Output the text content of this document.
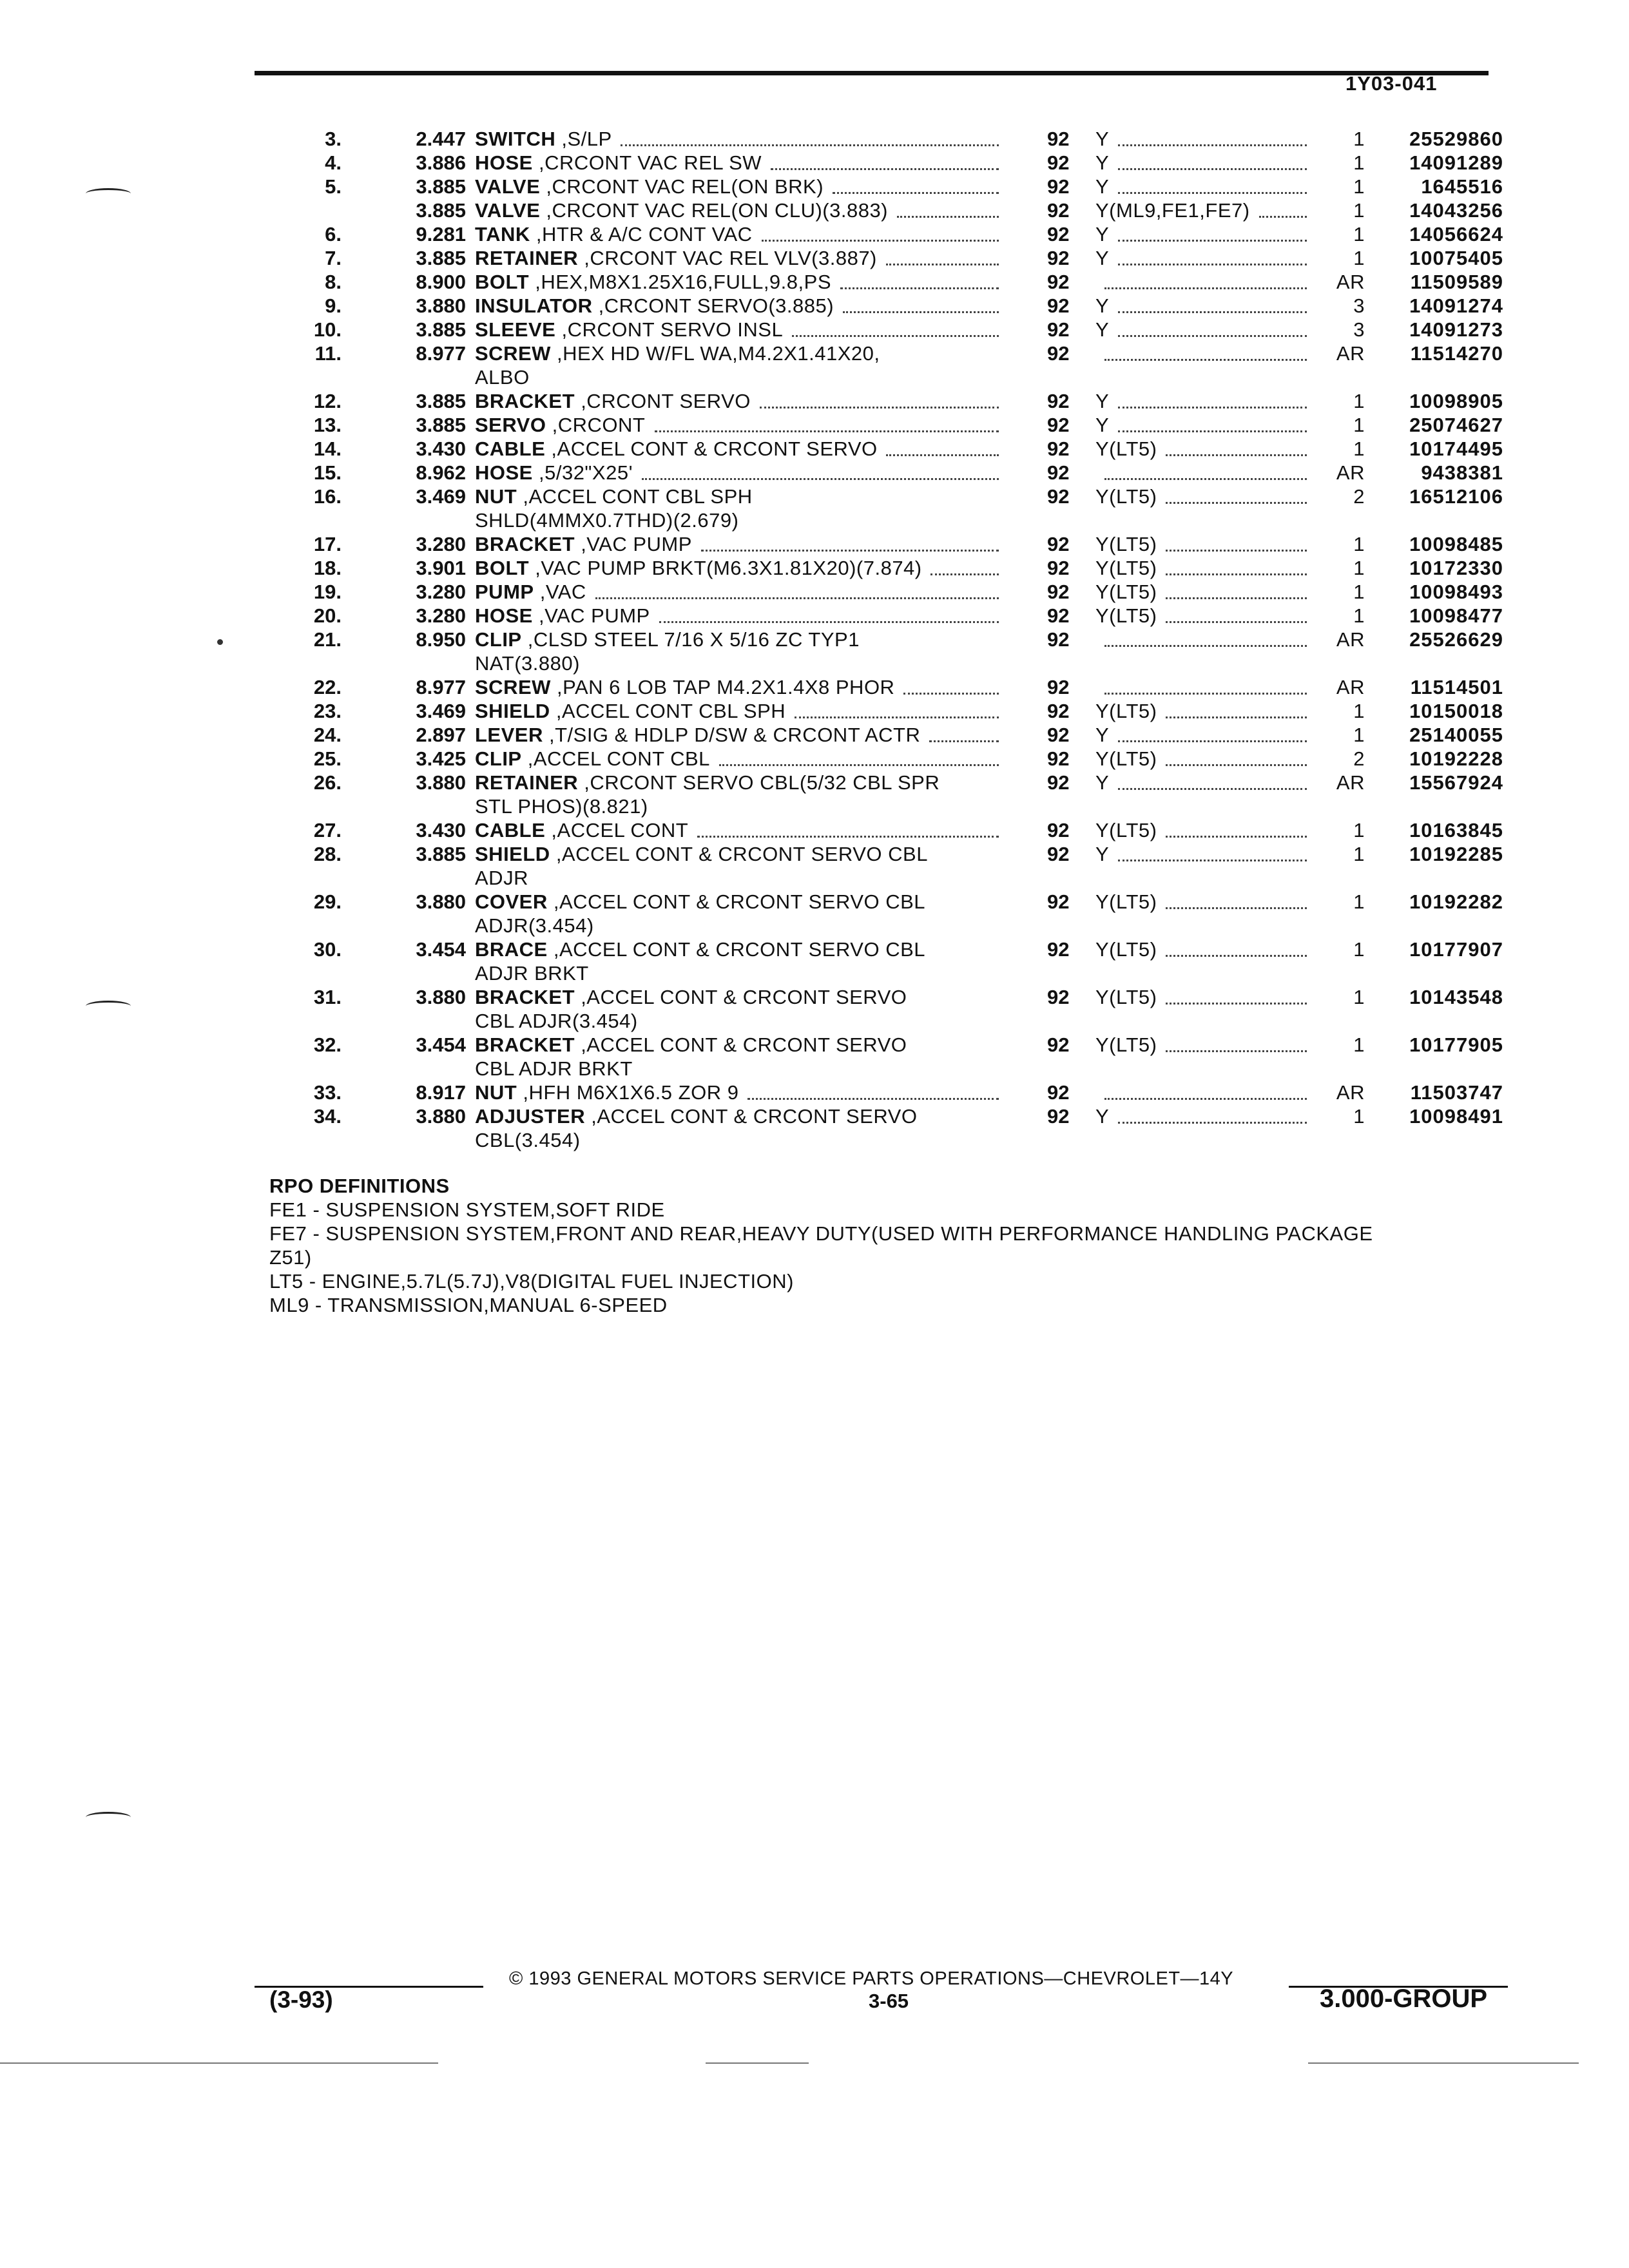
1Y03-041
3.	2.447 SWITCH ,S/LP	92 Y	1 25529860
4.	3.886 HOSE ,CRCONT VAC REL SW	92 Y	1 14091289
5.	3.885 VALVE ,CRCONT VAC REL(ON BRK)	92 Y	1	1645516
3.885 VALVE ,CRCONT VAC REL(ON CLU)(3.883)	92 Y(ML9,FE1,FE7)	1 14043256
6.	9.281 TANK ,HTR & A/C CONT VAC	92 Y	1 14056624
7.	3.885 RETAINER ,CRCONT VAC REL VLV(3.887)	92 Y	1 10075405
8.	8.900 BOLT ,HEX,M8X1.25X16,FULL,9.8,PS	92	AR 11509589
9.	3.880 INSULATOR ,CRCONT SERVO(3.885)	92 Y	3 14091274
10.	3.885 SLEEVE ,CRCONT SERVO INSL	92 Y	3 14091273
11.	8.977 SCREW ,HEX HD W/FL WA,M4.2X1.41X20,
ALBO
92	AR 11514270
12.	3.885 BRACKET ,CRCONT SERVO	92 Y	1 10098905
13.	3.885 SERVO ,CRCONT	92 Y	1 25074627
14.	3.430 CABLE ,ACCEL CONT & CRCONT SERVO	92 Y(LT5)	1 10174495
15.	8.962 HOSE ,5/32"X25'	92	AR	9438381
16.	3.469 NUT ,ACCEL CONT CBL SPH
SHLD(4MMX0.7THD)(2.679)
92 Y(LT5)	2 16512106
17.	3.280 BRACKET ,VAC PUMP	92 Y(LT5)	1 10098485
18.	3.901 BOLT ,VAC PUMP BRKT(M6.3X1.81X20)(7.874)	92 Y(LT5)	1 10172330
19.	3.280 PUMP ,VAC	92 Y(LT5)	1 10098493
20.	3.280 HOSE ,VAC PUMP	92 Y(LT5)	1 10098477
21.	8.950 CLIP ,CLSD STEEL 7/16 X 5/16 ZC TYP1
NAT(3.880)
92	AR 25526629
22.	8.977 SCREW ,PAN 6 LOB TAP M4.2X1.4X8 PHOR	92	AR 11514501
23.	3.469 SHIELD ,ACCEL CONT CBL SPH	92 Y(LT5)	1 10150018
24.	2.897 LEVER ,T/SIG & HDLP D/SW & CRCONT ACTR	92 Y	1 25140055
25.	3.425 CLIP ,ACCEL CONT CBL	92 Y(LT5)	2 10192228
26.	3.880 RETAINER ,CRCONT SERVO CBL(5/32 CBL SPR
STL PHOS)(8.821)
92 Y	AR 15567924
27.	3.430 CABLE ,ACCEL CONT	92 Y(LT5)	1 10163845
28.	3.885 SHIELD ,ACCEL CONT & CRCONT SERVO CBL
ADJR
92 Y	1 10192285
29.	3.880 COVER ,ACCEL CONT & CRCONT SERVO CBL
ADJR(3.454)
92 Y(LT5)	1 10192282
30.	3.454 BRACE ,ACCEL CONT & CRCONT SERVO CBL
ADJR BRKT
92 Y(LT5)	1 10177907
31.	3.880 BRACKET ,ACCEL CONT & CRCONT SERVO
CBL ADJR(3.454)
92 Y(LT5)	1 10143548
32.	3.454 BRACKET ,ACCEL CONT & CRCONT SERVO
CBL ADJR BRKT
92 Y(LT5)	1 10177905
33.	8.917 NUT ,HFH M6X1X6.5 ZOR 9	92	AR 11503747
34.	3.880 ADJUSTER ,ACCEL CONT & CRCONT SERVO
CBL(3.454)
92 Y	1 10098491
RPO DEFINITIONS
FE1 - SUSPENSION SYSTEM,SOFT RIDE
FE7 - SUSPENSION SYSTEM,FRONT AND REAR,HEAVY DUTY(USED WITH PERFORMANCE HANDLING PACKAGE
Z51)
LT5 - ENGINE,5.7L(5.7J),V8(DIGITAL FUEL INJECTION)
ML9 - TRANSMISSION,MANUAL 6-SPEED
© 1993 GENERAL MOTORS SERVICE PARTS OPERATIONS—CHEVROLET—14Y
(3-93)	3-65	3.000-GROUP
